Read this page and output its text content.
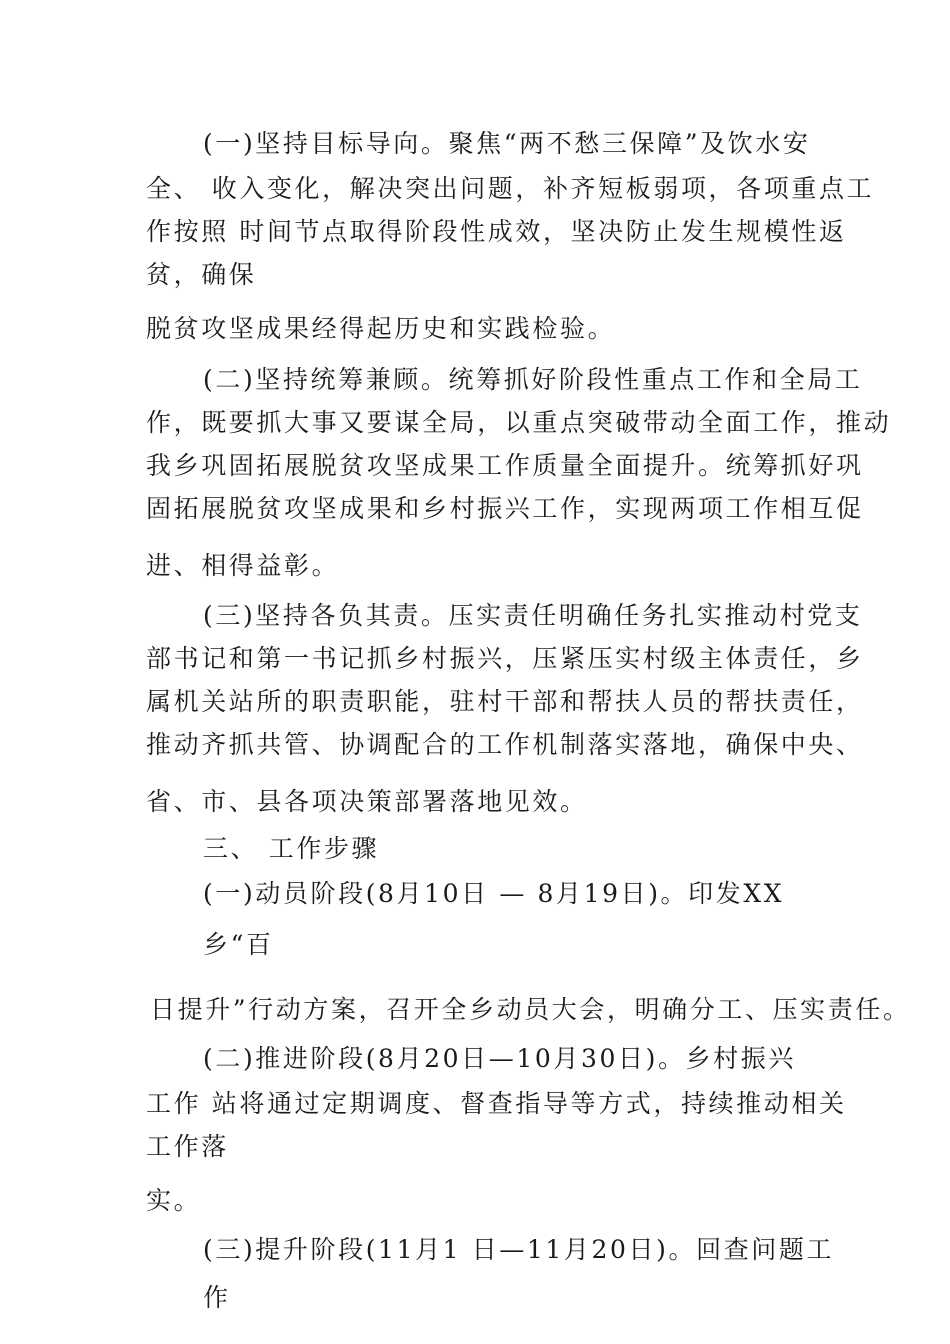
(一)坚持目标导向。聚焦“两不愁三保障”及饮水安
全、 收入变化，解决突出问题，补齐短板弱项，各项重点工
作按照 时间节点取得阶段性成效，坚决防止发生规模性返
贫，确保
脱贫攻坚成果经得起历史和实践检验。
(二)坚持统筹兼顾。统筹抓好阶段性重点工作和全局工
作，既要抓大事又要谋全局，以重点突破带动全面工作，推动
我乡巩固拓展脱贫攻坚成果工作质量全面提升。统筹抓好巩
固拓展脱贫攻坚成果和乡村振兴工作，实现两项工作相互促
进、相得益彰。
(三)坚持各负其责。压实责任明确任务扎实推动村党支
部书记和第一书记抓乡村振兴，压紧压实村级主体责任，乡
属机关站所的职责职能，驻村干部和帮扶人员的帮扶责任，
推动齐抓共管、协调配合的工作机制落实落地，确保中央、
省、市、县各项决策部署落地见效。
三、 工作步骤
(一)动员阶段(8月10日 — 8月19日)。印发XX
乡“百
日提升”行动方案，召开全乡动员大会，明确分工、压实责任。
(二)推进阶段(8月20日—10月30日)。乡村振兴
工作 站将通过定期调度、督查指导等方式，持续推动相关
工作落
实。
(三)提升阶段(11月1 日—11月20日)。回查问题工
作
